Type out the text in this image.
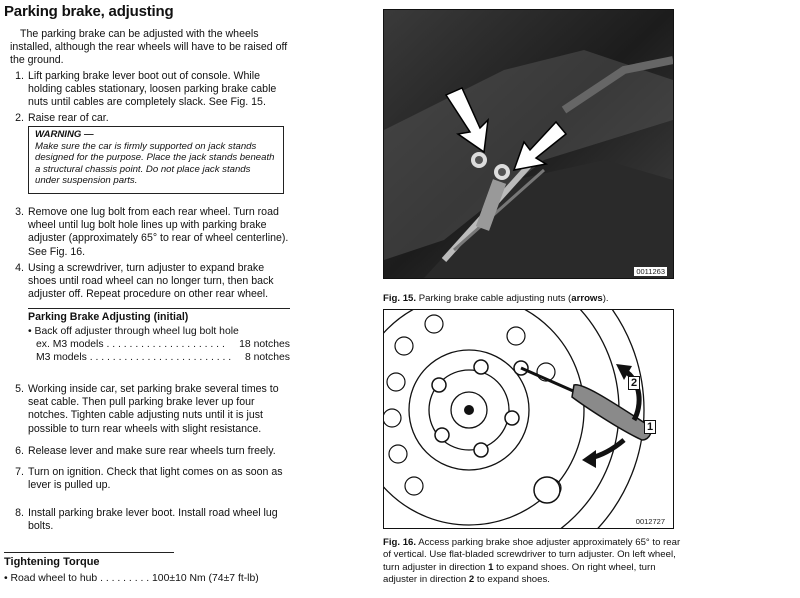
Parking brake, adjusting
The parking brake can be adjusted with the wheels installed, although the rear wheels will have to be raised off the ground.
1. Lift parking brake lever boot out of console. While holding cables stationary, loosen parking brake cable nuts until cables are completely slack. See Fig. 15.
2. Raise rear of car.
WARNING —
Make sure the car is firmly supported on jack stands designed for the purpose. Place the jack stands beneath a structural chassis point. Do not place jack stands under suspension parts.
3. Remove one lug bolt from each rear wheel. Turn road wheel until lug bolt hole lines up with parking brake adjuster (approximately 65° to rear of wheel centerline). See Fig. 16.
4. Using a screwdriver, turn adjuster to expand brake shoes until road wheel can no longer turn, then back adjuster off. Repeat procedure on other rear wheel.
Parking Brake Adjusting (initial)
• Back off adjuster through wheel lug bolt hole
ex. M3 models . . . . . . . . . . . . . . . . . . . . . 18 notches
M3 models . . . . . . . . . . . . . . . . . . . . . . . . . 8 notches
5. Working inside car, set parking brake several times to seat cable. Then pull parking brake lever up four notches. Tighten cable adjusting nuts until it is just possible to turn rear wheels with slight resistance.
6. Release lever and make sure rear wheels turn freely.
7. Turn on ignition. Check that light comes on as soon as lever is pulled up.
8. Install parking brake lever boot. Install road wheel lug bolts.
Tightening Torque
• Road wheel to hub . . . . . . . . . 100±10 Nm (74±7 ft-lb)
0011263
Fig. 15. Parking brake cable adjusting nuts (arrows).
1
2
0012727
Fig. 16. Access parking brake shoe adjuster approximately 65° to rear of vertical. Use flat-bladed screwdriver to turn adjuster. On left wheel, turn adjuster in direction 1 to expand shoes. On right wheel, turn adjuster in direction 2 to expand shoes.
